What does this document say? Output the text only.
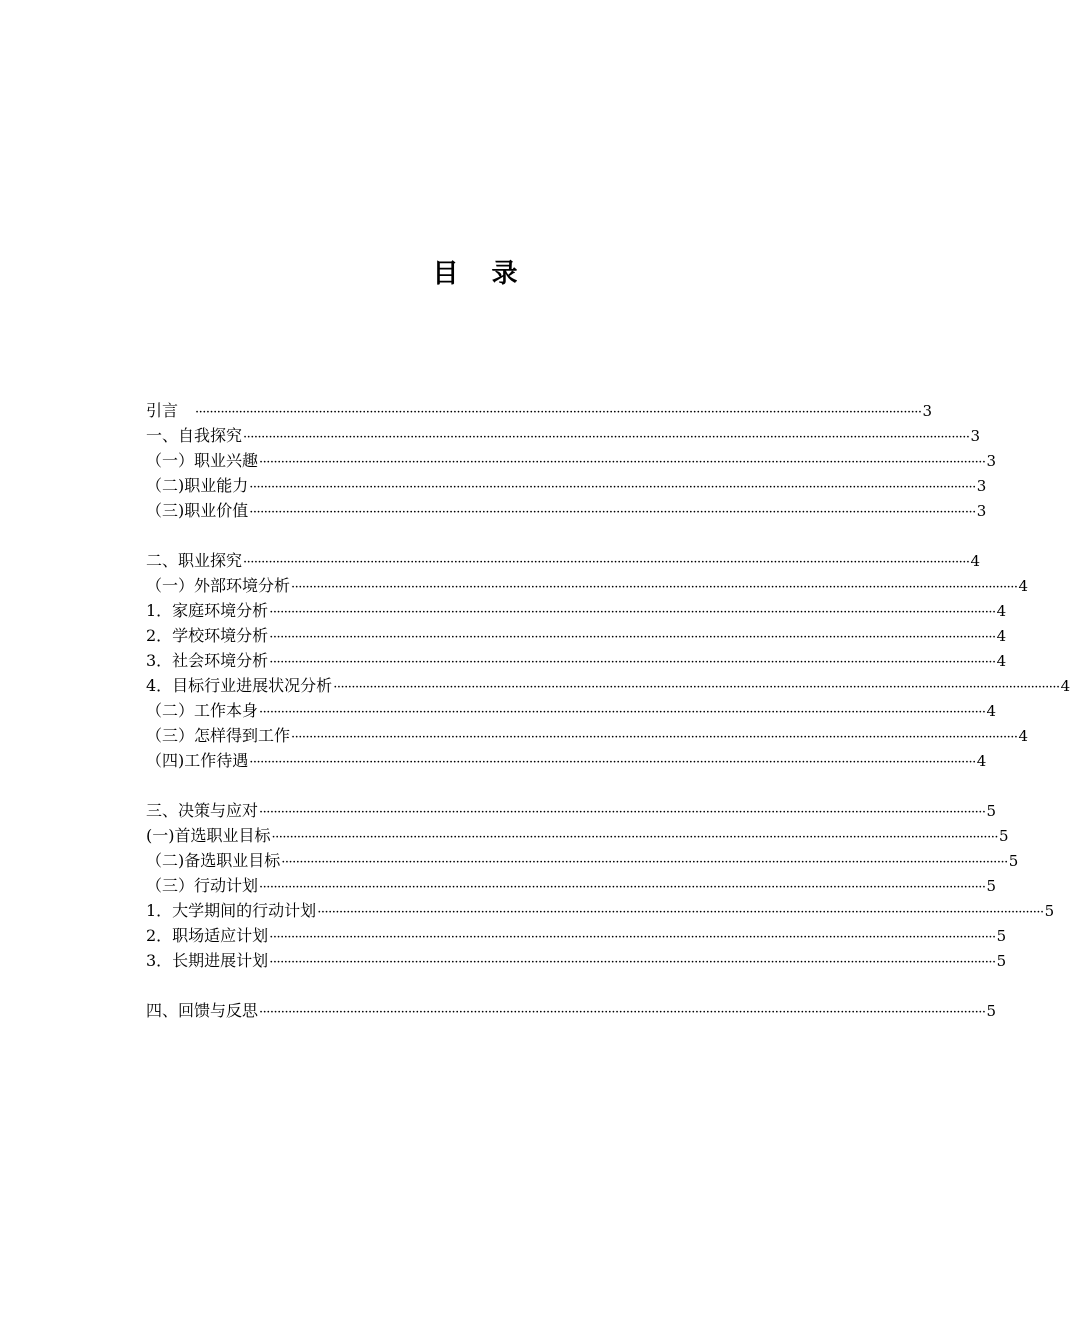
目 录
引言　 ········································································································································································································ 3
一、自我探究 ········································································································································································································ 3
（一）职业兴趣 ········································································································································································································ 3
（二)职业能力 ········································································································································································································ 3
（三)职业价值 ········································································································································································································ 3
二、职业探究 ········································································································································································································ 4
（一）外部环境分析 ········································································································································································································ 4
1．家庭环境分析 ········································································································································································································ 4
2．学校环境分析 ········································································································································································································ 4
3．社会环境分析 ········································································································································································································ 4
4．目标行业进展状况分析 ········································································································································································································ 4
（二）工作本身 ········································································································································································································ 4
（三）怎样得到工作 ········································································································································································································ 4
（四)工作待遇 ········································································································································································································ 4
三、决策与应对 ········································································································································································································ 5
(一)首选职业目标 ········································································································································································································ 5
（二)备选职业目标 ········································································································································································································ 5
（三）行动计划 ········································································································································································································ 5
1．大学期间的行动计划 ········································································································································································································ 5
2．职场适应计划 ········································································································································································································ 5
3．长期进展计划 ········································································································································································································ 5
四、回馈与反思 ········································································································································································································ 5
